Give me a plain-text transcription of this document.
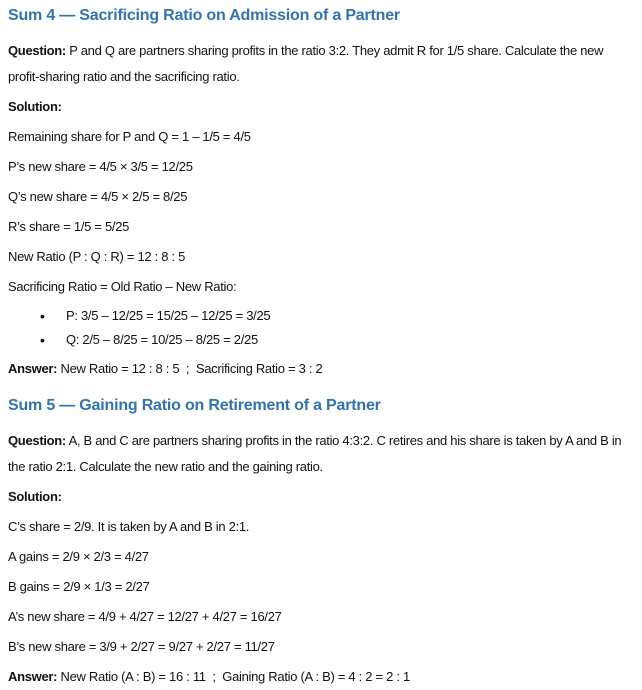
Sum 4 — Sacrificing Ratio on Admission of a Partner

Question: P and Q are partners sharing profits in the ratio 3:2. They admit R for 1/5 share. Calculate the new profit-sharing ratio and the sacrificing ratio.

Solution:

Remaining share for P and Q = 1 – 1/5 = 4/5

P’s new share = 4/5 × 3/5 = 12/25

Q’s new share = 4/5 × 2/5 = 8/25

R’s share = 1/5 = 5/25

New Ratio (P : Q : R) = 12 : 8 : 5

Sacrificing Ratio = Old Ratio – New Ratio:

• P: 3/5 – 12/25 = 15/25 – 12/25 = 3/25
• Q: 2/5 – 8/25 = 10/25 – 8/25 = 2/25

Answer: New Ratio = 12 : 8 : 5  ;  Sacrificing Ratio = 3 : 2

Sum 5 — Gaining Ratio on Retirement of a Partner

Question: A, B and C are partners sharing profits in the ratio 4:3:2. C retires and his share is taken by A and B in the ratio 2:1. Calculate the new ratio and the gaining ratio.

Solution:

C’s share = 2/9. It is taken by A and B in 2:1.

A gains = 2/9 × 2/3 = 4/27

B gains = 2/9 × 1/3 = 2/27

A’s new share = 4/9 + 4/27 = 12/27 + 4/27 = 16/27

B’s new share = 3/9 + 2/27 = 9/27 + 2/27 = 11/27

Answer: New Ratio (A : B) = 16 : 11  ;  Gaining Ratio (A : B) = 4 : 2 = 2 : 1
